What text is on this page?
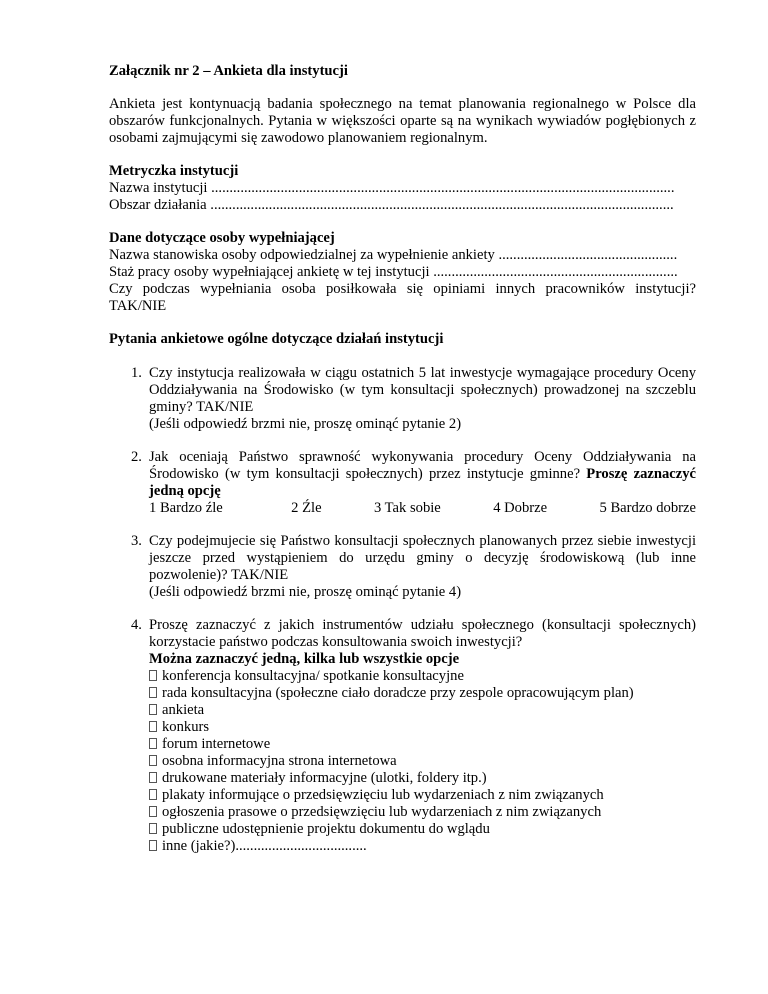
Załącznik nr 2 – Ankieta dla instytucji
Ankieta jest kontynuacją badania społecznego na temat planowania regionalnego w Polsce dla obszarów funkcjonalnych. Pytania w większości oparte są na wynikach wywiadów pogłębionych z osobami zajmującymi się zawodowo planowaniem regionalnym.
Metryczka instytucji
Nazwa instytucji ...............................................................................................................................
Obszar działania ...............................................................................................................................
Dane dotyczące osoby wypełniającej
Nazwa stanowiska osoby odpowiedzialnej za wypełnienie ankiety .................................................
Staż pracy osoby wypełniającej ankietę w tej instytucji ...................................................................
Czy podczas wypełniania osoba posiłkowała się opiniami innych pracowników instytucji? TAK/NIE
Pytania ankietowe ogólne dotyczące działań instytucji
1. Czy instytucja realizowała w ciągu ostatnich 5 lat inwestycje wymagające procedury Oceny Oddziaływania na Środowisko (w tym konsultacji społecznych) prowadzonej na szczeblu gminy? TAK/NIE
(Jeśli odpowiedź brzmi nie, proszę ominąć pytanie 2)
2. Jak oceniają Państwo sprawność wykonywania procedury Oceny Oddziaływania na Środowisko (w tym konsultacji społecznych) przez instytucje gminne? Proszę zaznaczyć jedną opcję
1 Bardzo źle	2 Źle	3 Tak sobie	4 Dobrze	5 Bardzo dobrze
3. Czy podejmujecie się Państwo konsultacji społecznych planowanych przez siebie inwestycji jeszcze przed wystąpieniem do urzędu gminy o decyzję środowiskową (lub inne pozwolenie)? TAK/NIE
(Jeśli odpowiedź brzmi nie, proszę ominąć pytanie 4)
4. Proszę zaznaczyć z jakich instrumentów udziału społecznego (konsultacji społecznych) korzystacie państwo podczas konsultowania swoich inwestycji?
Można zaznaczyć jedną, kilka lub wszystkie opcje
konferencja konsultacyjna/ spotkanie konsultacyjne
rada konsultacyjna (społeczne ciało doradcze przy zespole opracowującym plan)
ankieta
konkurs
forum internetowe
osobna informacyjna strona internetowa
drukowane materiały informacyjne (ulotki, foldery itp.)
plakaty informujące o przedsięwzięciu lub wydarzeniach z nim związanych
ogłoszenia prasowe o przedsięwzięciu lub wydarzeniach z nim związanych
publiczne udostępnienie projektu dokumentu do wglądu
inne (jakie?)....................................
